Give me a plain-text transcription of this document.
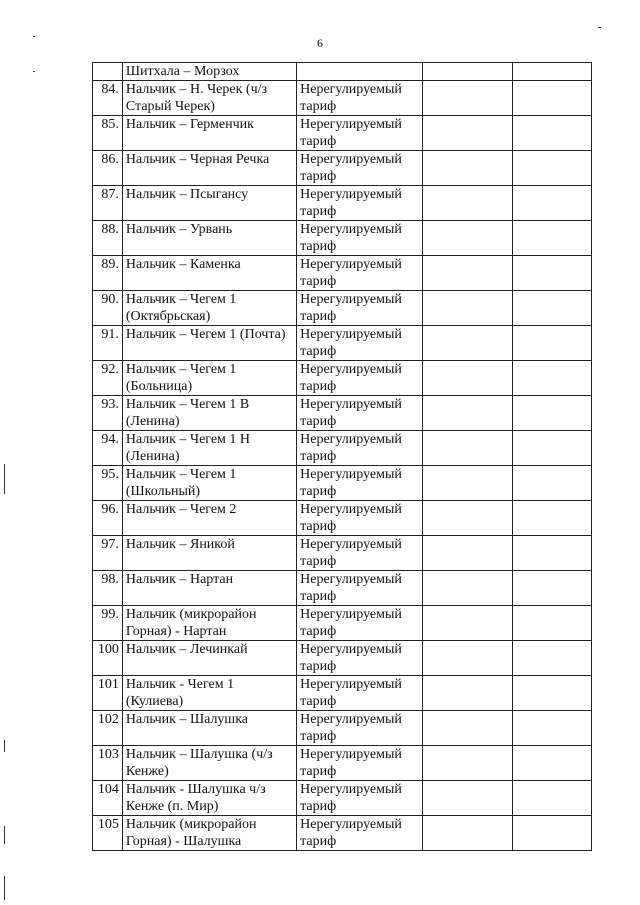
6
	Шитхала – Морзох			
84.	Нальчик – Н. Черек (ч/з Старый Черек)	Нерегулируемый тариф		
85.	Нальчик – Герменчик	Нерегулируемый тариф		
86.	Нальчик – Черная Речка	Нерегулируемый тариф		
87.	Нальчик – Псыгансу	Нерегулируемый тариф		
88.	Нальчик – Урвань	Нерегулируемый тариф		
89.	Нальчик – Каменка	Нерегулируемый тариф		
90.	Нальчик – Чегем 1 (Октябрьская)	Нерегулируемый тариф		
91.	Нальчик – Чегем 1 (Почта)	Нерегулируемый тариф		
92.	Нальчик – Чегем 1 (Больница)	Нерегулируемый тариф		
93.	Нальчик – Чегем 1 В (Ленина)	Нерегулируемый тариф		
94.	Нальчик – Чегем 1 Н (Ленина)	Нерегулируемый тариф		
95.	Нальчик – Чегем 1 (Школьный)	Нерегулируемый тариф		
96.	Нальчик – Чегем 2	Нерегулируемый тариф		
97.	Нальчик – Яникой	Нерегулируемый тариф		
98.	Нальчик – Нартан	Нерегулируемый тариф		
99.	Нальчик (микрорайон Горная) - Нартан	Нерегулируемый тариф		
100	Нальчик – Лечинкай	Нерегулируемый тариф		
101	Нальчик - Чегем 1 (Кулиева)	Нерегулируемый тариф		
102	Нальчик – Шалушка	Нерегулируемый тариф		
103	Нальчик – Шалушка (ч/з Кенже)	Нерегулируемый тариф		
104	Нальчик - Шалушка ч/з Кенже (п. Мир)	Нерегулируемый тариф		
105	Нальчик (микрорайон Горная) - Шалушка	Нерегулируемый тариф		
